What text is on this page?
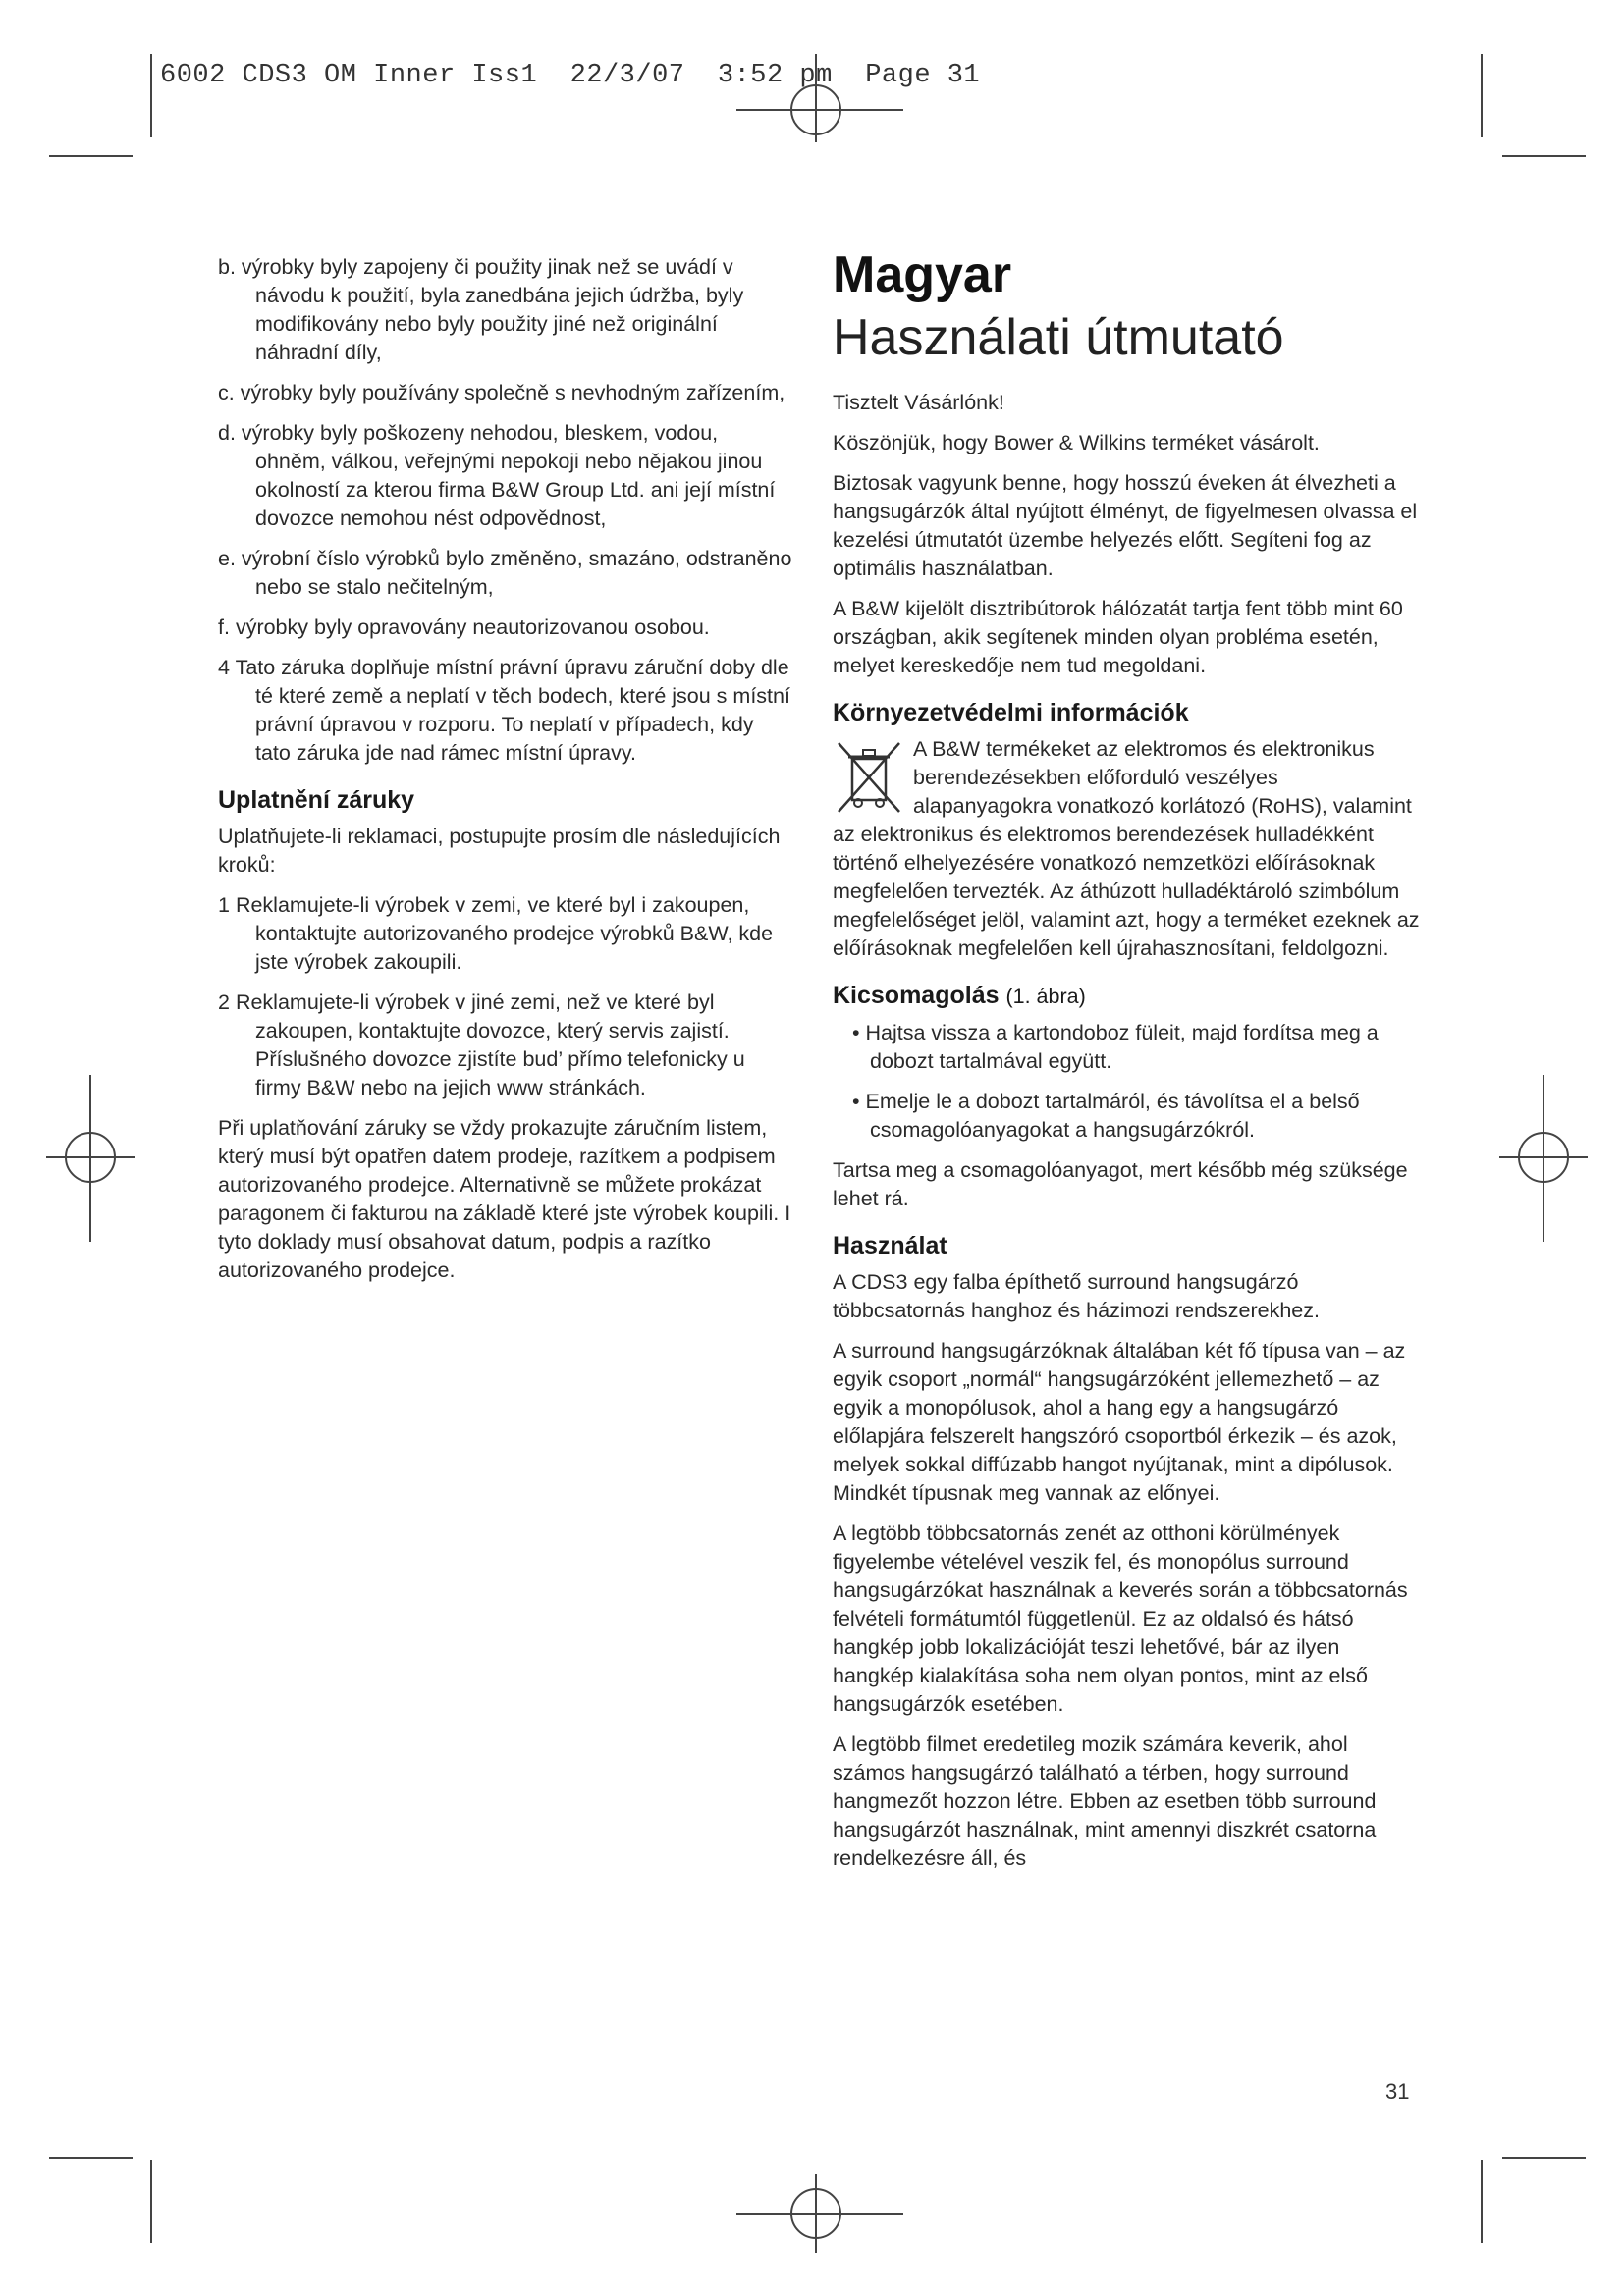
6002 CDS3 OM Inner Iss1  22/3/07  3:52 pm  Page 31

b. výrobky byly zapojeny či použity jinak než se uvádí v návodu k použití, byla zanedbána jejich údržba, byly modifikovány nebo byly použity jiné než originální náhradní díly,

c. výrobky byly používány společně s nevhodným zařízením,

d. výrobky byly poškozeny nehodou, bleskem, vodou, ohněm, válkou, veřejnými nepokoji nebo nějakou jinou okolností za kterou firma B&W Group Ltd. ani její místní dovozce nemohou nést odpovědnost,

e. výrobní číslo výrobků bylo změněno, smazáno, odstraněno nebo se stalo nečitelným,

f. výrobky byly opravovány neautorizovanou osobou.

4 Tato záruka doplňuje místní právní úpravu záruční doby dle té které země a neplatí v těch bodech, které jsou s místní právní úpravou v rozporu. To neplatí v případech, kdy tato záruka jde nad rámec místní úpravy.

Uplatnění záruky

Uplatňujete-li reklamaci, postupujte prosím dle následujících kroků:

1 Reklamujete-li výrobek v zemi, ve které byl i zakoupen, kontaktujte autorizovaného prodejce výrobků B&W, kde jste výrobek zakoupili.

2 Reklamujete-li výrobek v jiné zemi, než ve které byl zakoupen, kontaktujte dovozce, který servis zajistí. Příslušného dovozce zjistíte bud’ přímo telefonicky u firmy B&W nebo na jejich www stránkách.

Při uplatňování záruky se vždy prokazujte záručním listem, který musí být opatřen datem prodeje, razítkem a podpisem autorizovaného prodejce. Alternativně se můžete prokázat paragonem či fakturou na základě které jste výrobek koupili. I tyto doklady musí obsahovat datum, podpis a razítko autorizovaného prodejce.

Magyar
Használati útmutató

Tisztelt Vásárlónk!

Köszönjük, hogy Bower & Wilkins terméket vásárolt.

Biztosak vagyunk benne, hogy hosszú éveken át élvezheti a hangsugárzók által nyújtott élményt, de figyelmesen olvassa el kezelési útmutatót üzembe helyezés előtt. Segíteni fog az optimális használatban.

A B&W kijelölt disztribútorok hálózatát tartja fent több mint 60 országban, akik segítenek minden olyan probléma esetén, melyet kereskedője nem tud megoldani.

Környezetvédelmi információk

A B&W termékeket az elektromos és elektronikus berendezésekben előforduló veszélyes alapanyagokra vonatkozó korlátozó (RoHS), valamint az elektronikus és elektromos berendezések hulladékként történő elhelyezésére vonatkozó nemzetközi előírásoknak megfelelően tervezték. Az áthúzott hulladéktároló szimbólum megfelelőséget jelöl, valamint azt, hogy a terméket ezeknek az előírásoknak megfelelően kell újrahasznosítani, feldolgozni.

Kicsomagolás (1. ábra)

• Hajtsa vissza a kartondoboz füleit, majd fordítsa meg a dobozt tartalmával együtt.

• Emelje le a dobozt tartalmáról, és távolítsa el a belső csomagolóanyagokat a hangsugárzókról.

Tartsa meg a csomagolóanyagot, mert később még szüksége lehet rá.

Használat

A CDS3 egy falba építhető surround hangsugárzó többcsatornás hanghoz és házimozi rendszerekhez.

A surround hangsugárzóknak általában két fő típusa van – az egyik csoport „normál“ hangsugárzóként jellemezhető – az egyik a monopólusok, ahol a hang egy a hangsugárzó előlapjára felszerelt hangszóró csoportból érkezik – és azok, melyek sokkal diffúzabb hangot nyújtanak, mint a dipólusok. Mindkét típusnak meg vannak az előnyei.

A legtöbb többcsatornás zenét az otthoni körülmények figyelembe vételével veszik fel, és monopólus surround hangsugárzókat használnak a keverés során a többcsatornás felvételi formátumtól függetlenül. Ez az oldalsó és hátsó hangkép jobb lokalizációját teszi lehetővé, bár az ilyen hangkép kialakítása soha nem olyan pontos, mint az első hangsugárzók esetében.

A legtöbb filmet eredetileg mozik számára keverik, ahol számos hangsugárzó található a térben, hogy surround hangmezőt hozzon létre. Ebben az esetben több surround hangsugárzót használnak, mint amennyi diszkrét csatorna rendelkezésre áll, és

31
